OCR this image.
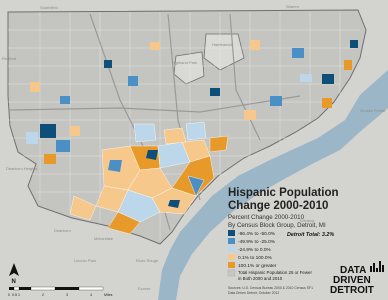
Southfield	Warren
Dearborn Heights
Dearborn
Windsor
Melvindale
Lincoln Park	River Rouge
Ecorse
Hamtramck
Highland Park
Redford
Grosse Pointe
Hispanic Population
Change 2000-2010
Percent Change 2000-2010
By Census Block Group, Detroit, MI
-96.4% to -50.0%
-49.9% to -25.0%
-24.9% to 0.0%
0.1% to 100.0%
100.1% or greater
Total Hispanic Population 25 or Fewer
in Both 2000 and 2010
Detroit Total: 3.2%
Sources: U.S. Census Bureau 2000 & 2010 Census SF1
Data Driven Detroit, October 2012
DATA
DRIVEN
DETROIT
N
0 0.5 1	2	3	4	Miles
